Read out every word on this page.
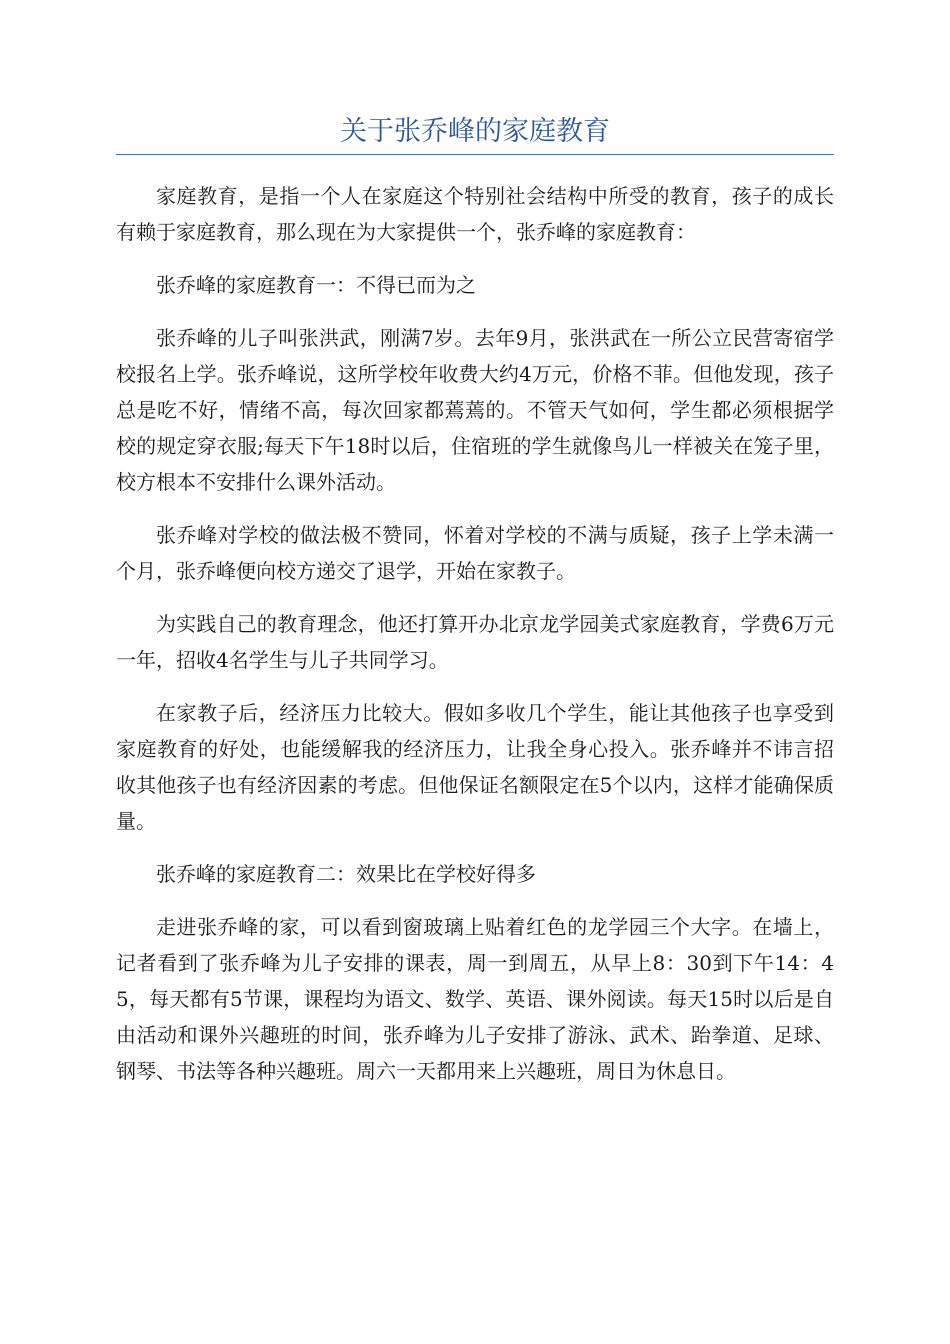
关于张乔峰的家庭教育

家庭教育，是指一个人在家庭这个特别社会结构中所受的教育，孩子的成长有赖于家庭教育，那么现在为大家提供一个，张乔峰的家庭教育：

张乔峰的家庭教育一：不得已而为之

张乔峰的儿子叫张洪武，刚满7岁。去年9月，张洪武在一所公立民营寄宿学校报名上学。张乔峰说，这所学校年收费大约4万元，价格不菲。但他发现，孩子总是吃不好，情绪不高，每次回家都蔫蔫的。不管天气如何，学生都必须根据学校的规定穿衣服;每天下午18时以后，住宿班的学生就像鸟儿一样被关在笼子里，校方根本不安排什么课外活动。

张乔峰对学校的做法极不赞同，怀着对学校的不满与质疑，孩子上学未满一个月，张乔峰便向校方递交了退学，开始在家教子。

为实践自己的教育理念，他还打算开办北京龙学园美式家庭教育，学费6万元一年，招收4名学生与儿子共同学习。

在家教子后，经济压力比较大。假如多收几个学生，能让其他孩子也享受到家庭教育的好处，也能缓解我的经济压力，让我全身心投入。张乔峰并不讳言招收其他孩子也有经济因素的考虑。但他保证名额限定在5个以内，这样才能确保质量。

张乔峰的家庭教育二：效果比在学校好得多

走进张乔峰的家，可以看到窗玻璃上贴着红色的龙学园三个大字。在墙上，记者看到了张乔峰为儿子安排的课表，周一到周五，从早上8：30到下午14：45，每天都有5节课，课程均为语文、数学、英语、课外阅读。每天15时以后是自由活动和课外兴趣班的时间，张乔峰为儿子安排了游泳、武术、跆拳道、足球、钢琴、书法等各种兴趣班。周六一天都用来上兴趣班，周日为休息日。
